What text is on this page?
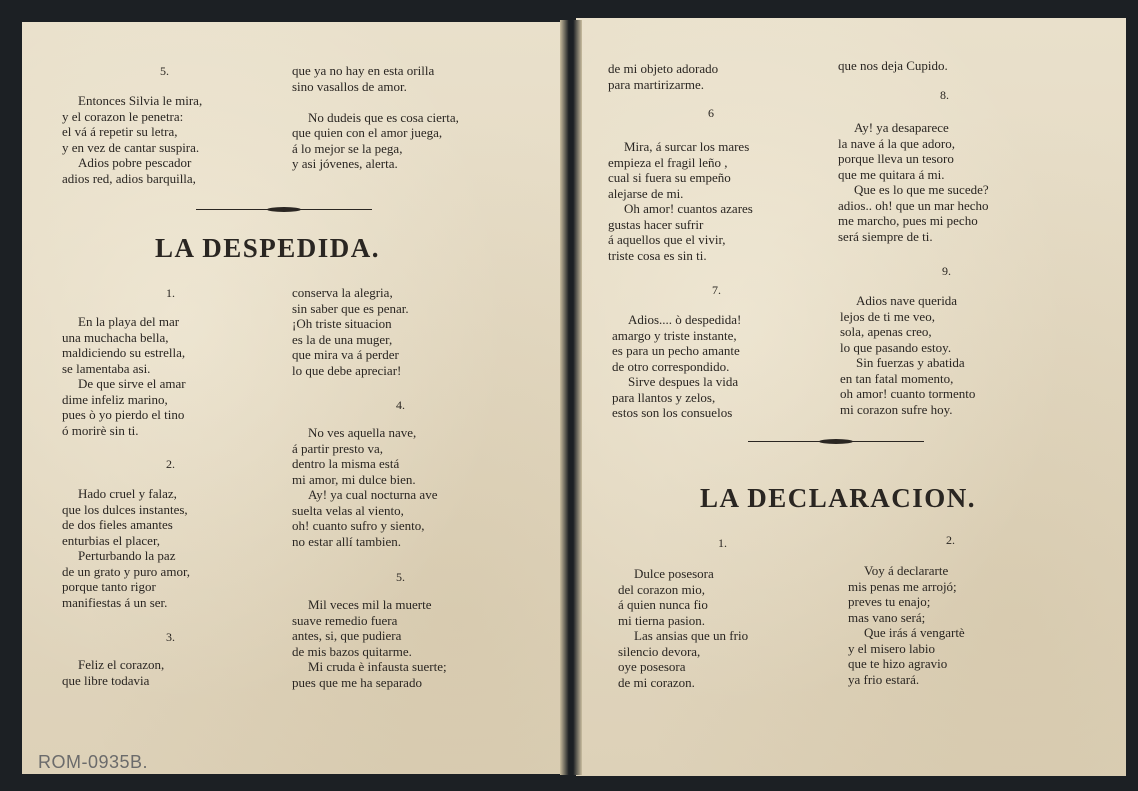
5.
Entonces Silvia le mira,
y el corazon le penetra:
el vá á repetir su letra,
y en vez de cantar suspira.
Adios pobre pescador
adios red, adios barquilla,
que ya no hay en esta orilla
sino vasallos de amor.
No dudeis que es cosa cierta,
que quien con el amor juega,
á lo mejor se la pega,
y asi jóvenes, alerta.
LA DESPEDIDA.
1.
En la playa del mar
una muchacha bella,
maldiciendo su estrella,
se lamentaba asi.
De que sirve el amar
dime infeliz marino,
pues ò yo pierdo el tino
ó morirè sin ti.
2.
Hado cruel y falaz,
que los dulces instantes,
de dos fieles amantes
enturbias el placer,
Perturbando la paz
de un grato y puro amor,
porque tanto rigor
manifiestas á un ser.
3.
Feliz el corazon,
que libre todavia
conserva la alegria,
sin saber que es penar.
¡Oh triste situacion
es la de una muger,
que mira va á perder
lo que debe apreciar!
4.
No ves aquella nave,
á partir presto va,
dentro la misma está
mi amor, mi dulce bien.
Ay! ya cual nocturna ave
suelta velas al viento,
oh! cuanto sufro y siento,
no estar allí tambien.
5.
Mil veces mil la muerte
suave remedio fuera
antes, si, que pudiera
de mis bazos quitarme.
Mi cruda è infausta suerte;
pues que me ha separado
ROM-0935B.
de mi objeto adorado
para martirizarme.
6
Mira, á surcar los mares
empieza el fragil leño ,
cual si fuera su empeño
alejarse de mi.
Oh amor! cuantos azares
gustas hacer sufrir
á aquellos que el vivir,
triste cosa es sin ti.
7.
Adios.... ò despedida!
amargo y triste instante,
es para un pecho amante
de otro correspondido.
Sirve despues la vida
para llantos y zelos,
estos son los consuelos
que nos deja Cupido.
8.
Ay! ya desaparece
la nave á la que adoro,
porque lleva un tesoro
que me quitara á mi.
Que es lo que me sucede?
adios.. oh! que un mar hecho
me marcho, pues mi pecho
será siempre de ti.
9.
Adios nave querida
lejos de ti me veo,
sola, apenas creo,
lo que pasando estoy.
Sin fuerzas y abatida
en tan fatal momento,
oh amor! cuanto tormento
mi corazon sufre hoy.
LA DECLARACION.
1.
Dulce posesora
del corazon mio,
á quien nunca fio
mi tierna pasion.
Las ansias que un frio
silencio devora,
oye posesora
de mi corazon.
2.
Voy á declararte
mis penas me arrojó;
preves tu enajo;
mas vano será;
Que irás á vengartè
y el misero labio
que te hizo agravio
ya frio estará.
